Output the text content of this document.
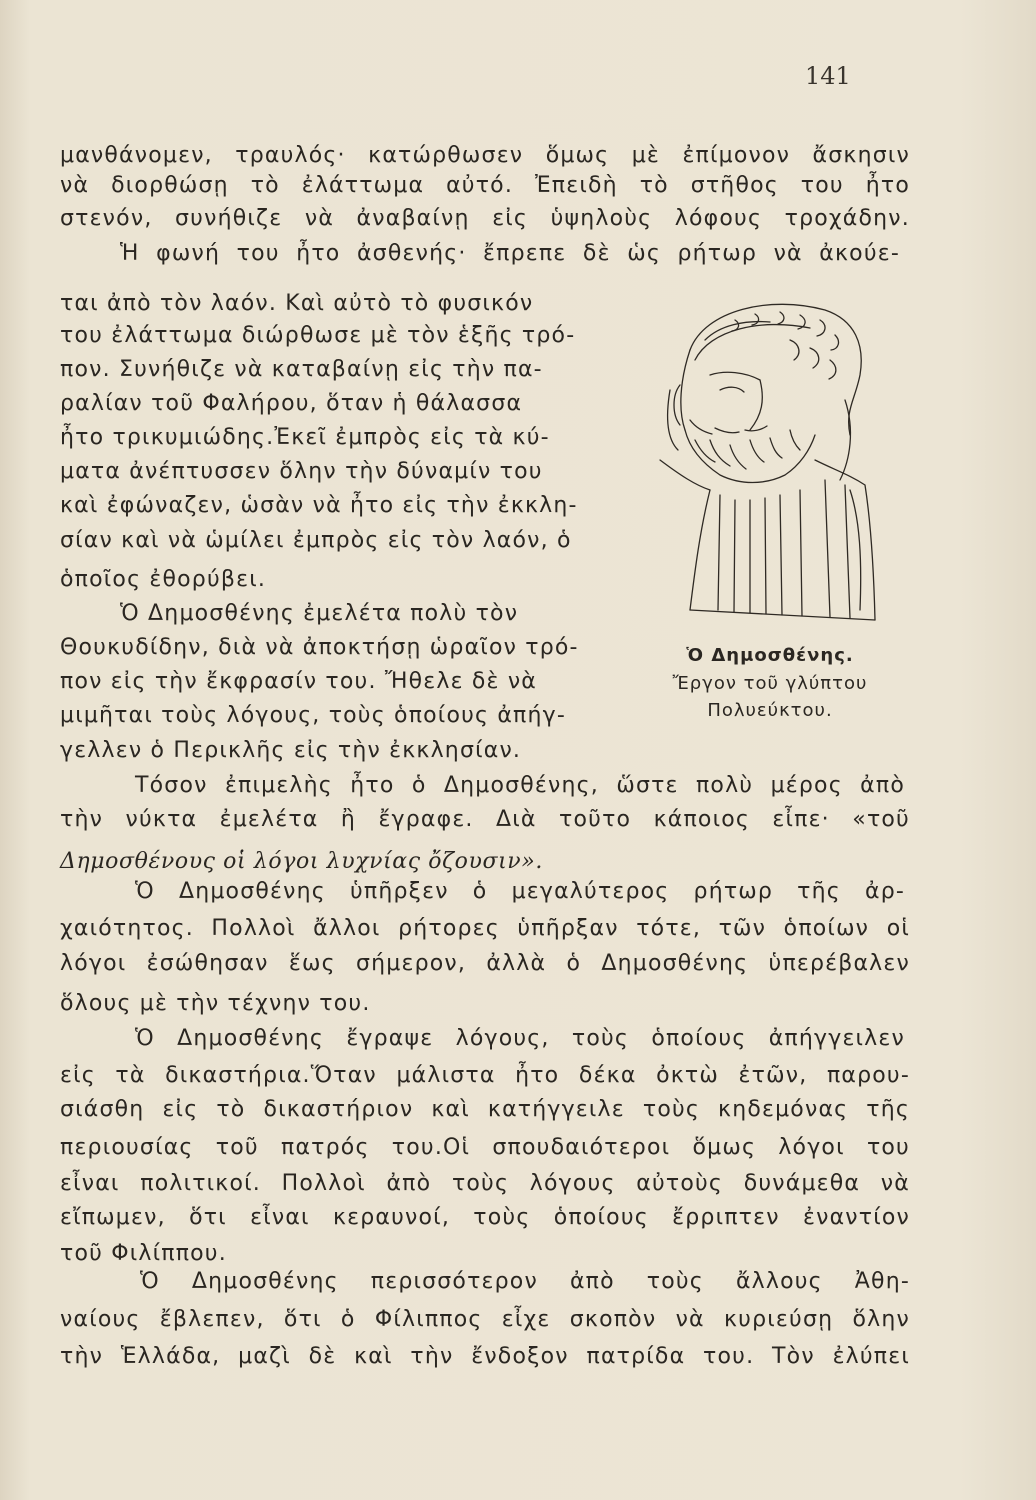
141
μανθάνομεν, τραυλός· κατώρθωσεν ὅμως μὲ ἐπίμονον ἄσκησιν
νὰ διορθώσῃ τὸ ἐλάττωμα αὐτό. Ἐπειδὴ τὸ στῆθος του ἦτο
στενόν, συνήθιζε νὰ ἀναβαίνῃ εἰς ὑψηλοὺς λόφους τροχάδην.
Ἡ φωνή του ἦτο ἀσθενής· ἔπρεπε δὲ ὡς ρήτωρ νὰ ἀκούε-
ται ἀπὸ τὸν λαόν. Καὶ αὐτὸ τὸ φυσικόν
του ἐλάττωμα διώρθωσε μὲ τὸν ἑξῆς τρό-
πον. Συνήθιζε νὰ καταβαίνῃ εἰς τὴν πα-
ραλίαν τοῦ Φαλήρου, ὅταν ἡ θάλασσα
ἦτο τρικυμιώδης.Ἐκεῖ ἐμπρὸς εἰς τὰ κύ-
ματα ἀνέπτυσσεν ὅλην τὴν δύναμίν του
καὶ ἐφώναζεν, ὡσὰν νὰ ἦτο εἰς τὴν ἐκκλη-
σίαν καὶ νὰ ὡμίλει ἐμπρὸς εἰς τὸν λαόν, ὁ
ὁποῖος ἐθορύβει.
Ὁ Δημοσθένης ἐμελέτα πολὺ τὸν
Θουκυδίδην, διὰ νὰ ἀποκτήσῃ ὡραῖον τρό-
πον εἰς τὴν ἔκφρασίν του. Ἤθελε δὲ νὰ
μιμῆται τοὺς λόγους, τοὺς ὁποίους ἀπήγ-
γελλεν ὁ Περικλῆς εἰς τὴν ἐκκλησίαν.
Τόσον ἐπιμελὴς ἦτο ὁ Δημοσθένης, ὥστε πολὺ μέρος ἀπὸ
τὴν νύκτα ἐμελέτα ἢ ἔγραφε. Διὰ τοῦτο κάποιος εἶπε· «τοῦ
Δημοσθένους οἱ λόγοι λυχνίας ὄζουσιν».
Ὁ Δημοσθένης ὑπῆρξεν ὁ μεγαλύτερος ρήτωρ τῆς ἀρ-
χαιότητος. Πολλοὶ ἄλλοι ρήτορες ὑπῆρξαν τότε, τῶν ὁποίων οἱ
λόγοι ἐσώθησαν ἕως σήμερον, ἀλλὰ ὁ Δημοσθένης ὑπερέβαλεν
ὅλους μὲ τὴν τέχνην του.
Ὁ Δημοσθένης ἔγραψε λόγους, τοὺς ὁποίους ἀπήγγειλεν
εἰς τὰ δικαστήρια.Ὅταν μάλιστα ἦτο δέκα ὀκτὼ ἐτῶν, παρου-
σιάσθη εἰς τὸ δικαστήριον καὶ κατήγγειλε τοὺς κηδεμόνας τῆς
περιουσίας τοῦ πατρός του.Οἱ σπουδαιότεροι ὅμως λόγοι του
εἶναι πολιτικοί. Πολλοὶ ἀπὸ τοὺς λόγους αὐτοὺς δυνάμεθα νὰ
εἴπωμεν, ὅτι εἶναι κεραυνοί, τοὺς ὁποίους ἔρριπτεν ἐναντίον
τοῦ Φιλίππου.
Ὁ Δημοσθένης περισσότερον ἀπὸ τοὺς ἄλλους Ἀθη-
ναίους ἔβλεπεν, ὅτι ὁ Φίλιππος εἶχε σκοπὸν νὰ κυριεύσῃ ὅλην
τὴν Ἑλλάδα, μαζὶ δὲ καὶ τὴν ἔνδοξον πατρίδα του. Τὸν ἐλύπει
Ὁ Δημοσθένης.
Ἔργον τοῦ γλύπτου
Πολυεύκτου.
